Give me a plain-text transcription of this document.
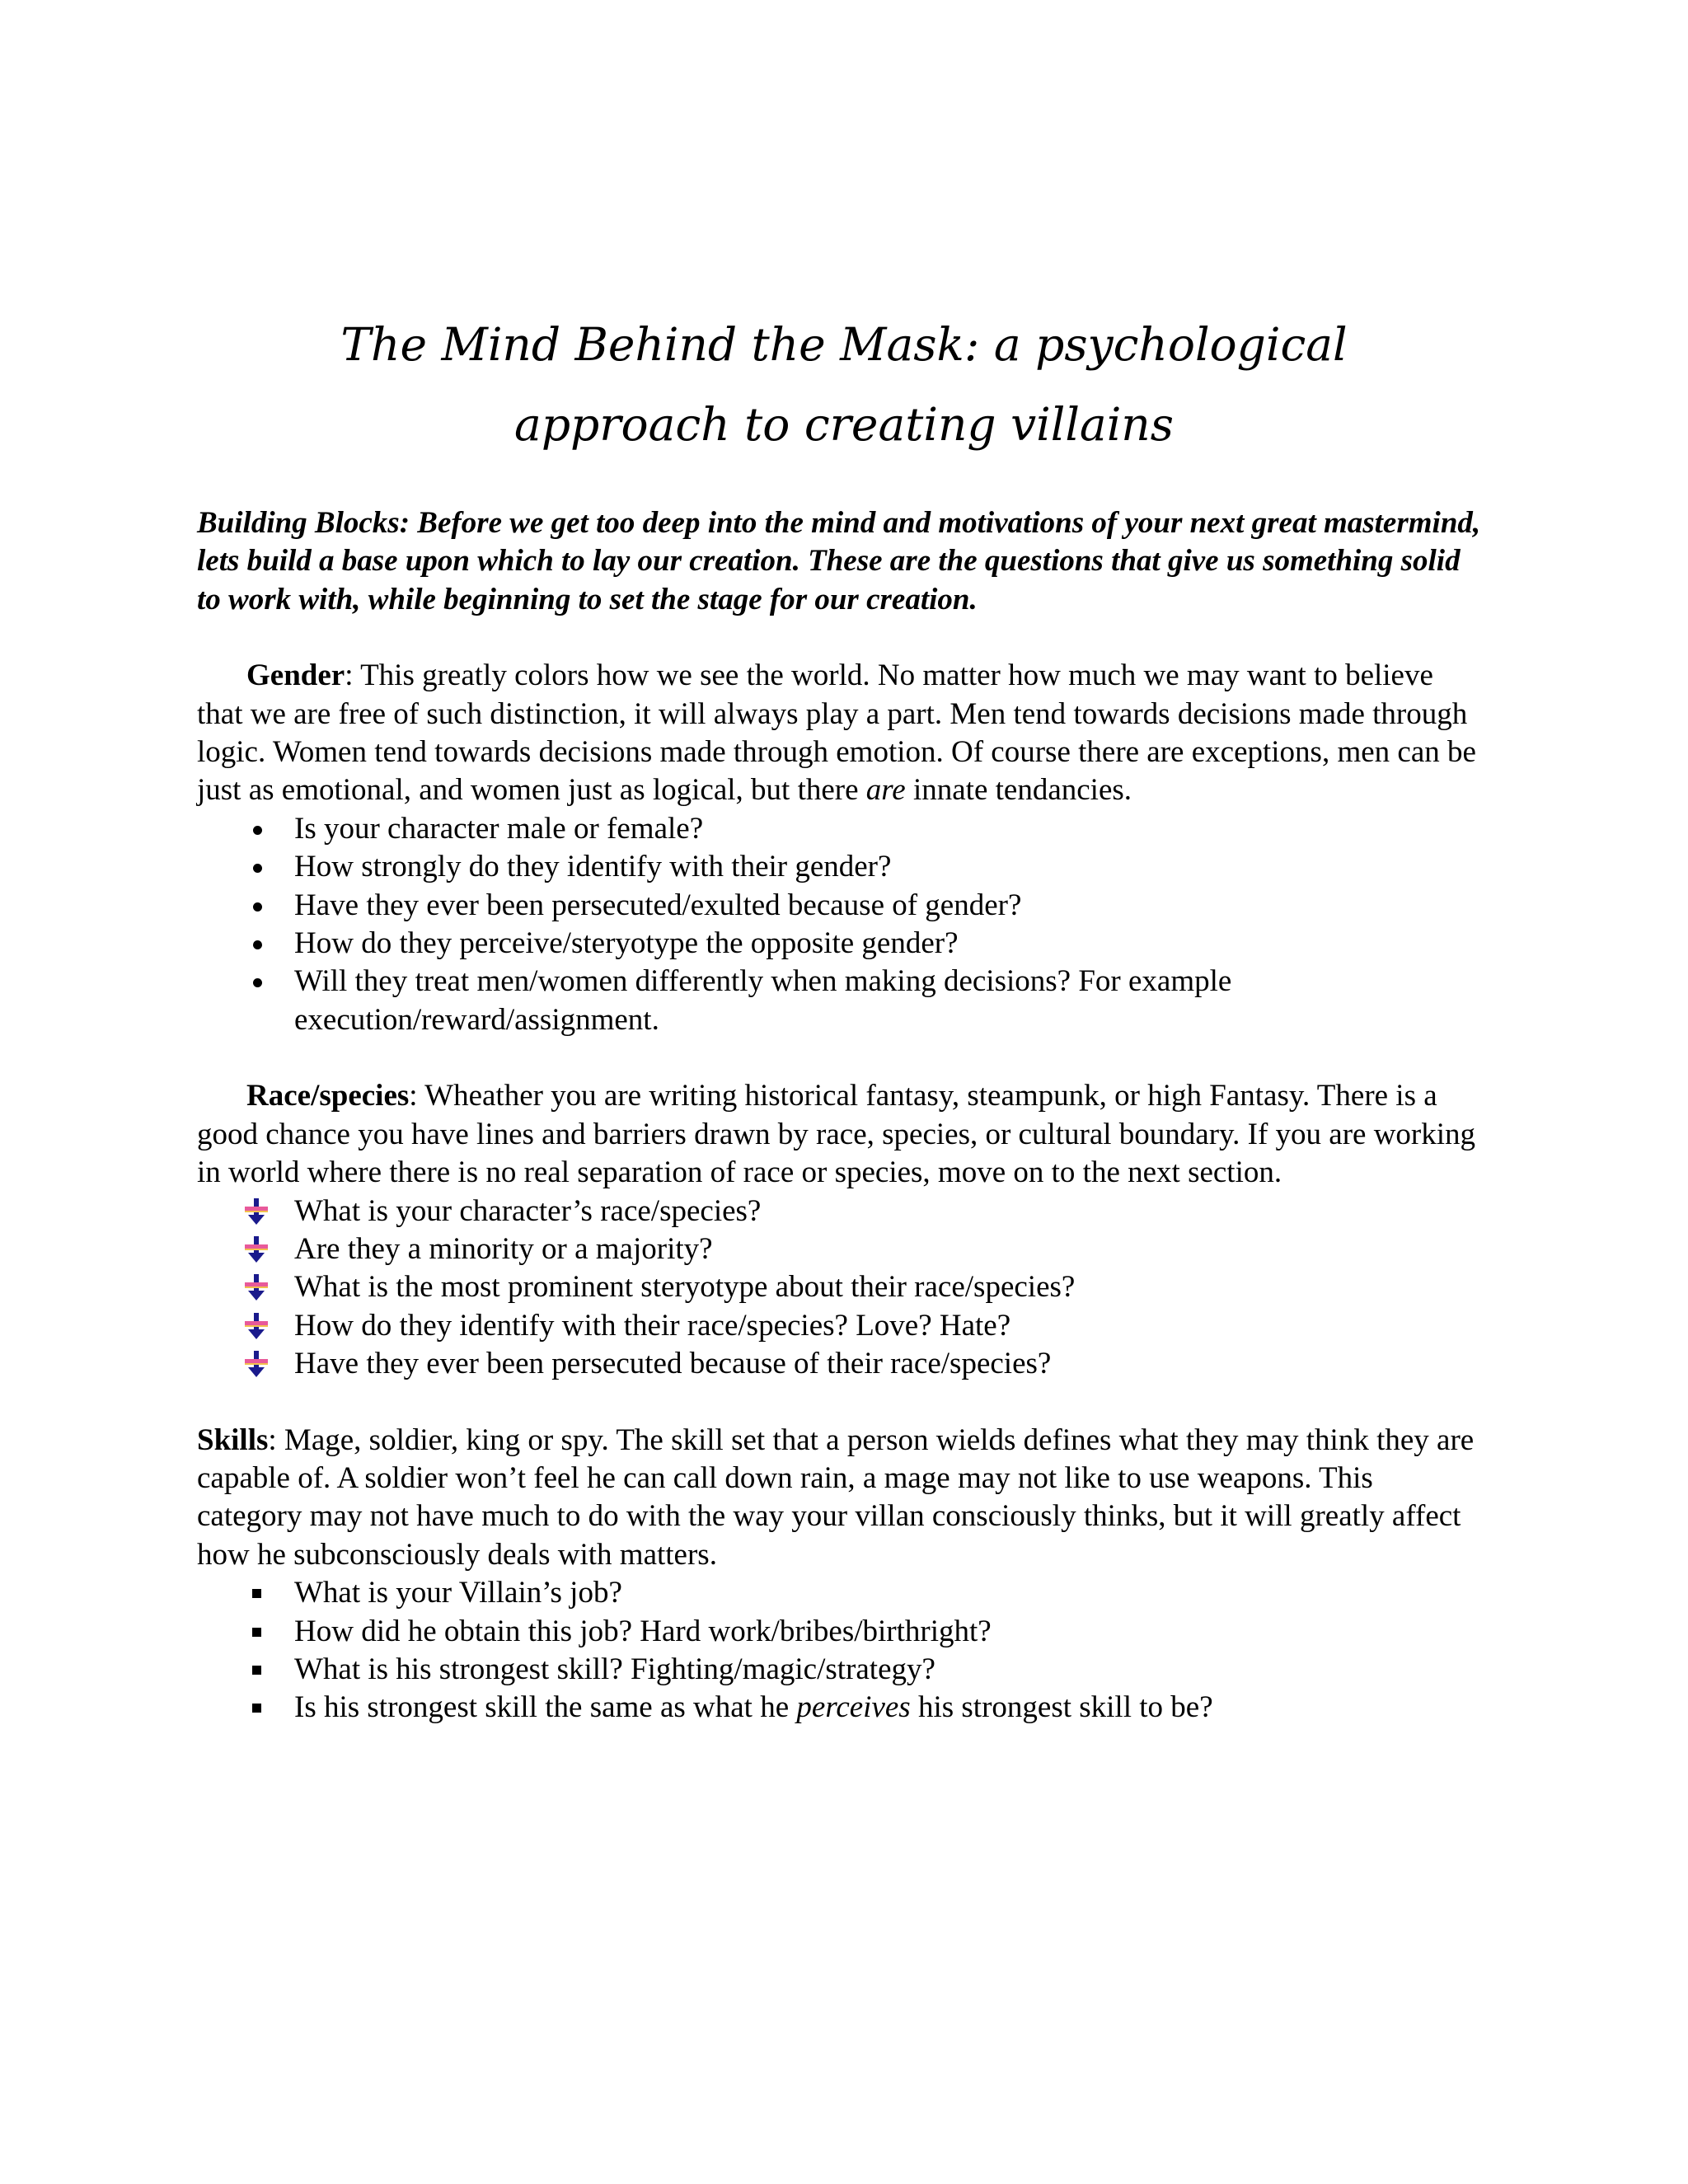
The Mind Behind the Mask: a psychological
approach to creating villains

Building Blocks: Before we get too deep into the mind and motivations of your next great mastermind, lets build a base upon which to lay our creation. These are the questions that give us something solid to work with, while beginning to set the stage for our creation.

Gender: This greatly colors how we see the world. No matter how much we may want to believe that we are free of such distinction, it will always play a part. Men tend towards decisions made through logic. Women tend towards decisions made through emotion. Of course there are exceptions, men can be just as emotional, and women just as logical, but there are innate tendancies.

Is your character male or female?
How strongly do they identify with their gender?
Have they ever been persecuted/exulted because of gender?
How do they perceive/steryotype the opposite gender?
Will they treat men/women differently when making decisions? For example execution/reward/assignment.

Race/species: Wheather you are writing historical fantasy, steampunk, or high Fantasy. There is a good chance you have lines and barriers drawn by race, species, or cultural boundary. If you are working in world where there is no real separation of race or species, move on to the next section.

What is your character’s race/species?
Are they a minority or a majority?
What is the most prominent steryotype about their race/species?
How do they identify with their race/species? Love? Hate?
Have they ever been persecuted because of their race/species?

Skills: Mage, soldier, king or spy. The skill set that a person wields defines what they may think they are capable of. A soldier won’t feel he can call down rain, a mage may not like to use weapons. This category may not have much to do with the way your villan consciously thinks, but it will greatly affect how he subconsciously deals with matters.

What is your Villain’s job?
How did he obtain this job? Hard work/bribes/birthright?
What is his strongest skill? Fighting/magic/strategy?
Is his strongest skill the same as what he perceives his strongest skill to be?
